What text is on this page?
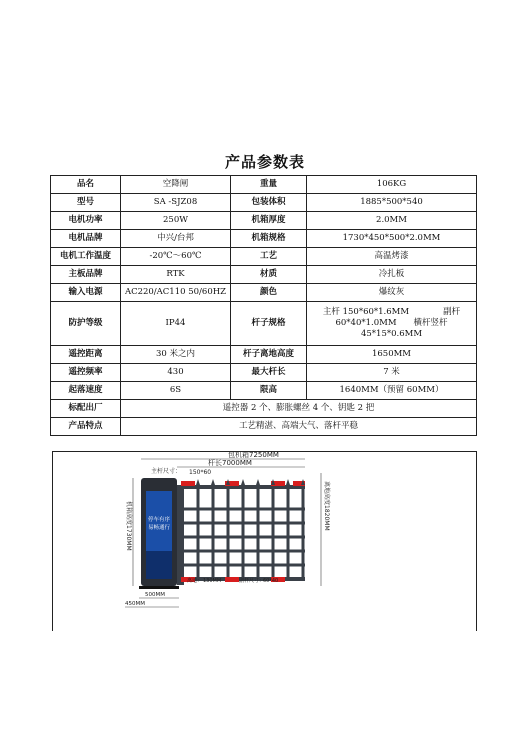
产品参数表
品名	空降闸	重量	106KG
型号	SA -SJZ08	包装体积	1885*500*540
电机功率	250W	机箱厚度	2.0MM
电机品牌	中兴/台邦	机箱规格	1730*450*500*2.0MM
电机工作温度	-20℃～60℃	工艺	高温烤漆
主板品牌	RTK	材质	冷扎板
输入电源	AC220/AC110 50/60HZ	颜色	爆纹灰
防护等级	IP44	杆子规格	主杆 150*60*1.6MM　　　　副杆
60*40*1.0MM　　横杆竖杆
45*15*0.6MM

遥控距离	30 米之内	杆子离地高度	1650MM
遥控频率	430	最大杆长	7 米
起落速度	6S	限高	1640MM（预留 60MM）
标配出厂	遥控器 2 个、膨胀螺丝 4 个、钥匙 2 把		
产品特点	工艺精湛、高端大气、落杆平稳		
停车有序
易畅通行
包机箱7250MM
杆长7000MM
主杆尺寸： 150*60
机箱高度1730MM	离地高度1820MM
离地： 130MM	副杆尺寸：
60*40
500MM
450MM
